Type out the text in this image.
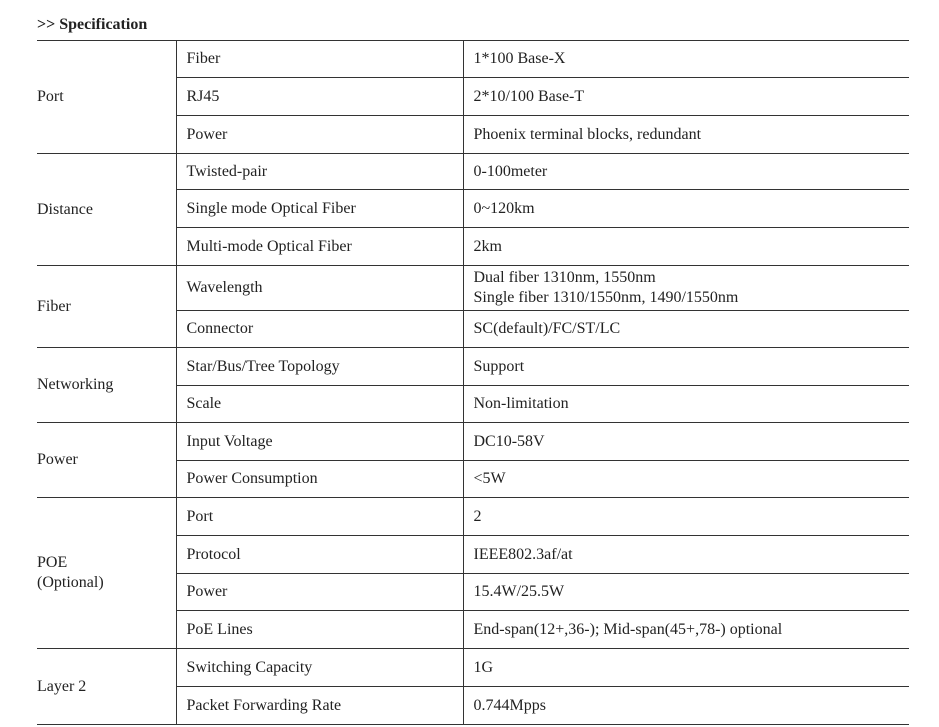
>> Specification
Port	Fiber	1*100 Base-X
	RJ45	2*10/100 Base-T
	Power	Phoenix terminal blocks, redundant

Distance	Twisted-pair	0-100meter
	Single mode Optical Fiber	0~120km
	Multi-mode Optical Fiber	2km

Fiber	Wavelength	Dual fiber 1310nm, 1550nm
Single fiber 1310/1550nm, 1490/1550nm

	Connector	SC(default)/FC/ST/LC

Networking	Star/Bus/Tree Topology	Support
	Scale	Non-limitation

Power	Input Voltage	DC10-58V
	Power Consumption	<5W

POE
(Optional)	Port	2
	Protocol	IEEE802.3af/at
	Power	15.4W/25.5W
	PoE Lines	End-span(12+,36-); Mid-span(45+,78-) optional

Layer 2	Switching Capacity	1G
	Packet Forwarding Rate	0.744Mpps
